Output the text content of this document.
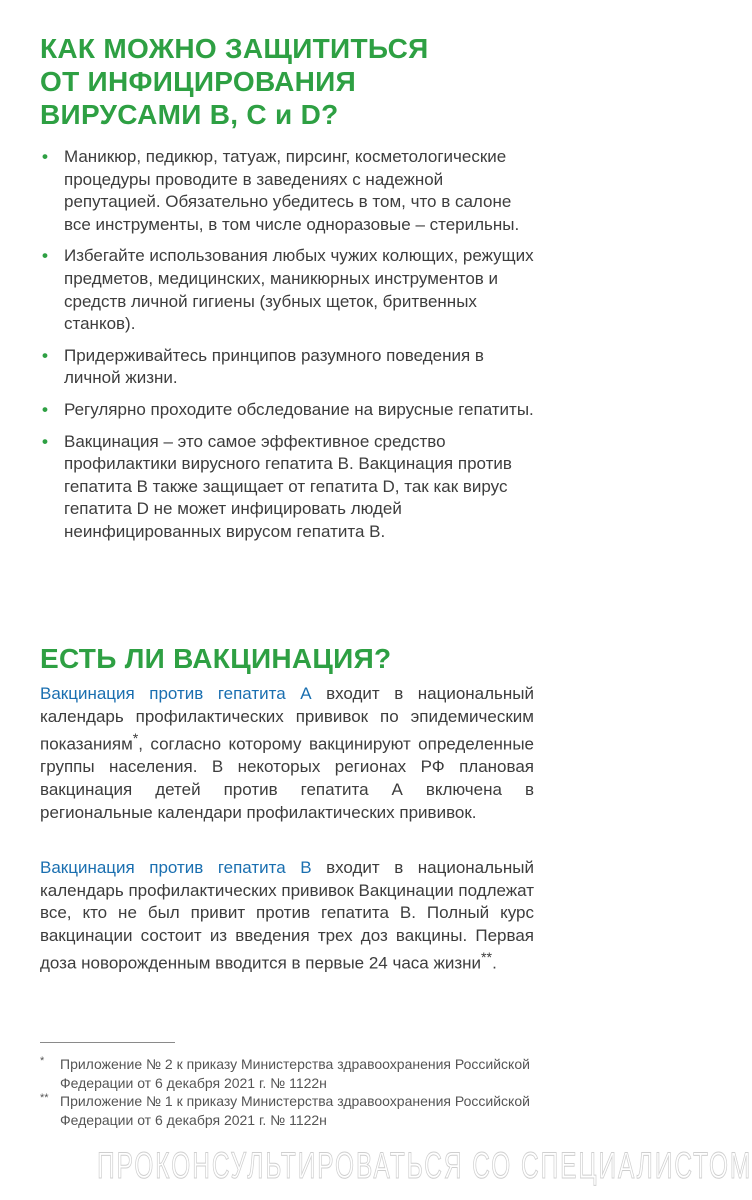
КАК МОЖНО ЗАЩИТИТЬСЯ
ОТ ИНФИЦИРОВАНИЯ
ВИРУСАМИ В, С и D?
• Маникюр, педикюр, татуаж, пирсинг, косметологические процедуры проводите в заведениях с надежной репутацией. Обязательно убедитесь в том, что в салоне все инструменты, в том числе одноразовые – стерильны.
• Избегайте использования любых чужих колющих, режущих предметов, медицинских, маникюрных инструментов и средств личной гигиены (зубных щеток, бритвенных станков).
• Придерживайтесь принципов разумного поведения в личной жизни.
• Регулярно проходите обследование на вирусные гепатиты.
• Вакцинация – это самое эффективное средство профилактики вирусного гепатита В. Вакцинация против гепатита В также защищает от гепатита D, так как вирус гепатита D не может инфицировать людей неинфицированных вирусом гепатита В.
ЕСТЬ ЛИ ВАКЦИНАЦИЯ?

Вакцинация против гепатита А входит в национальный календарь профилактических прививок по эпидемическим показаниям*, согласно которому вакцинируют определенные группы населения. В некоторых регионах РФ плановая вакцинация детей против гепатита А включена в региональные календари профилактических прививок.

Вакцинация против гепатита В входит в национальный календарь профилактических прививок Вакцинации подлежат все, кто не был привит против гепатита В. Полный курс вакцинации состоит из введения трех доз вакцины. Первая доза новорожденным вводится в первые 24 часа жизни**.

* Приложение № 2 к приказу Министерства здравоохранения Российской Федерации от 6 декабря 2021 г. № 1122н
** Приложение № 1 к приказу Министерства здравоохранения Российской Федерации от 6 декабря 2021 г. № 1122н
ПРОКОНСУЛЬТИРОВАТЬСЯ СО СПЕЦИАЛИСТОМ
